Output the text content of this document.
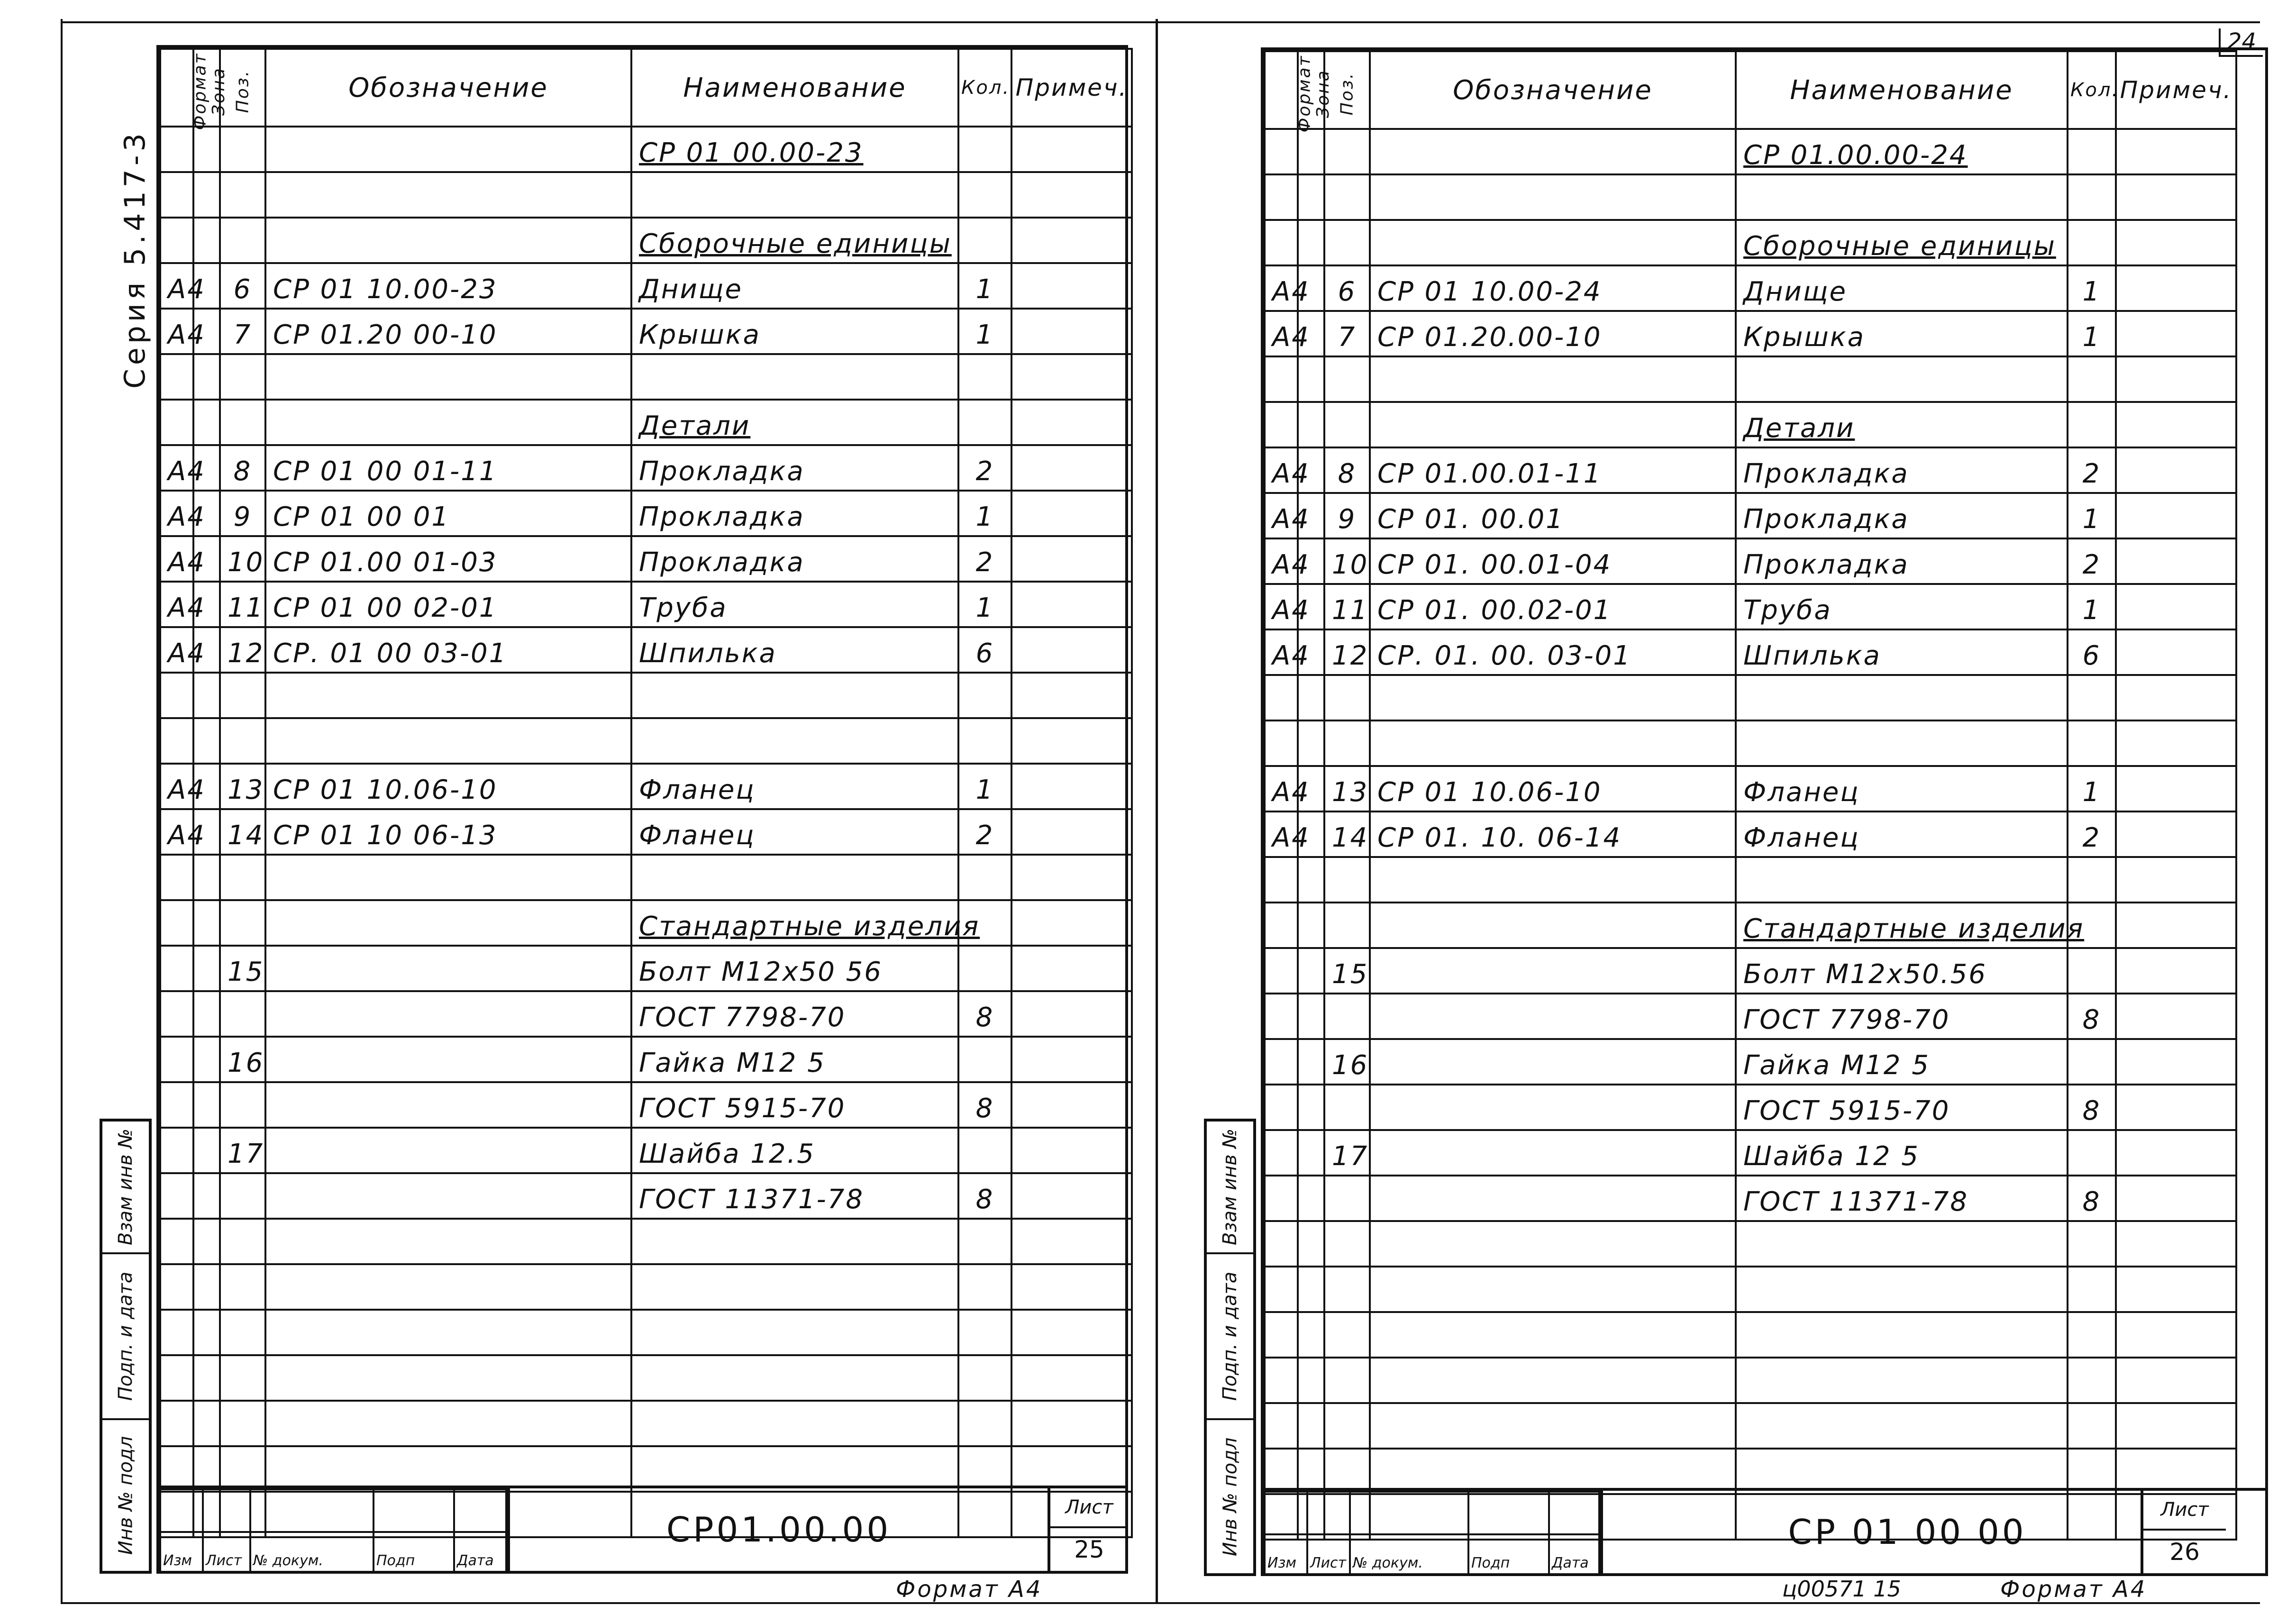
Серия 5.417-3
Взам инв №
Подп. и дата
Инв № подл
Формат	Зона	Поз.	Обозначение	Наименование	Кол.	Примеч.
				СР 01 00.00-23		

				Сборочные единицы		
А4		6	СР 01 10.00-23	Днище	1	
А4		7	СР 01.20 00-10	Крышка	1	

				Детали		
А4		8	СР 01 00 01-11	Прокладка	2	
А4		9	СР 01 00 01	Прокладка	1	
А4		10	СР 01.00 01-03	Прокладка	2	
А4		11	СР 01 00 02-01	Труба	1	
А4		12	СР. 01 00 03-01	Шпилька	6	

А4		13	СР 01 10.06-10	Фланец	1	
А4		14	СР 01 10 06-13	Фланец	2	

				Стандартные изделия		
		15		Болт М12х50 56		
				ГОСТ 7798-70	8	
		16		Гайка М12 5		
				ГОСТ 5915-70	8	
		17		Шайба 12.5		
				ГОСТ 11371-78	8	

Изм	Лист	№ докум.	Подп	Дата
СР01.00.00
Лист
25
Формат А4
24
Взам инв №
Подп. и дата
Инв № подл
Формат	Зона	Поз.	Обозначение	Наименование	Кол.	Примеч.
				СР 01.00.00-24		

				Сборочные единицы		
А4		6	СР 01 10.00-24	Днище	1	
А4		7	СР 01.20.00-10	Крышка	1	

				Детали		
А4		8	СР 01.00.01-11	Прокладка	2	
А4		9	СР 01. 00.01	Прокладка	1	
А4		10	СР 01. 00.01-04	Прокладка	2	
А4		11	СР 01. 00.02-01	Труба	1	
А4		12	СР. 01. 00. 03-01	Шпилька	6	

А4		13	СР 01 10.06-10	Фланец	1	
А4		14	СР 01. 10. 06-14	Фланец	2	

				Стандартные изделия		
		15		Болт М12х50.56		
				ГОСТ 7798-70	8	
		16		Гайка М12 5		
				ГОСТ 5915-70	8	
		17		Шайба 12 5		
				ГОСТ 11371-78	8	

Изм	Лист	№ докум.	Подп	Дата
СР 01 00 00
Лист
26
ц00571 15	Формат А4
